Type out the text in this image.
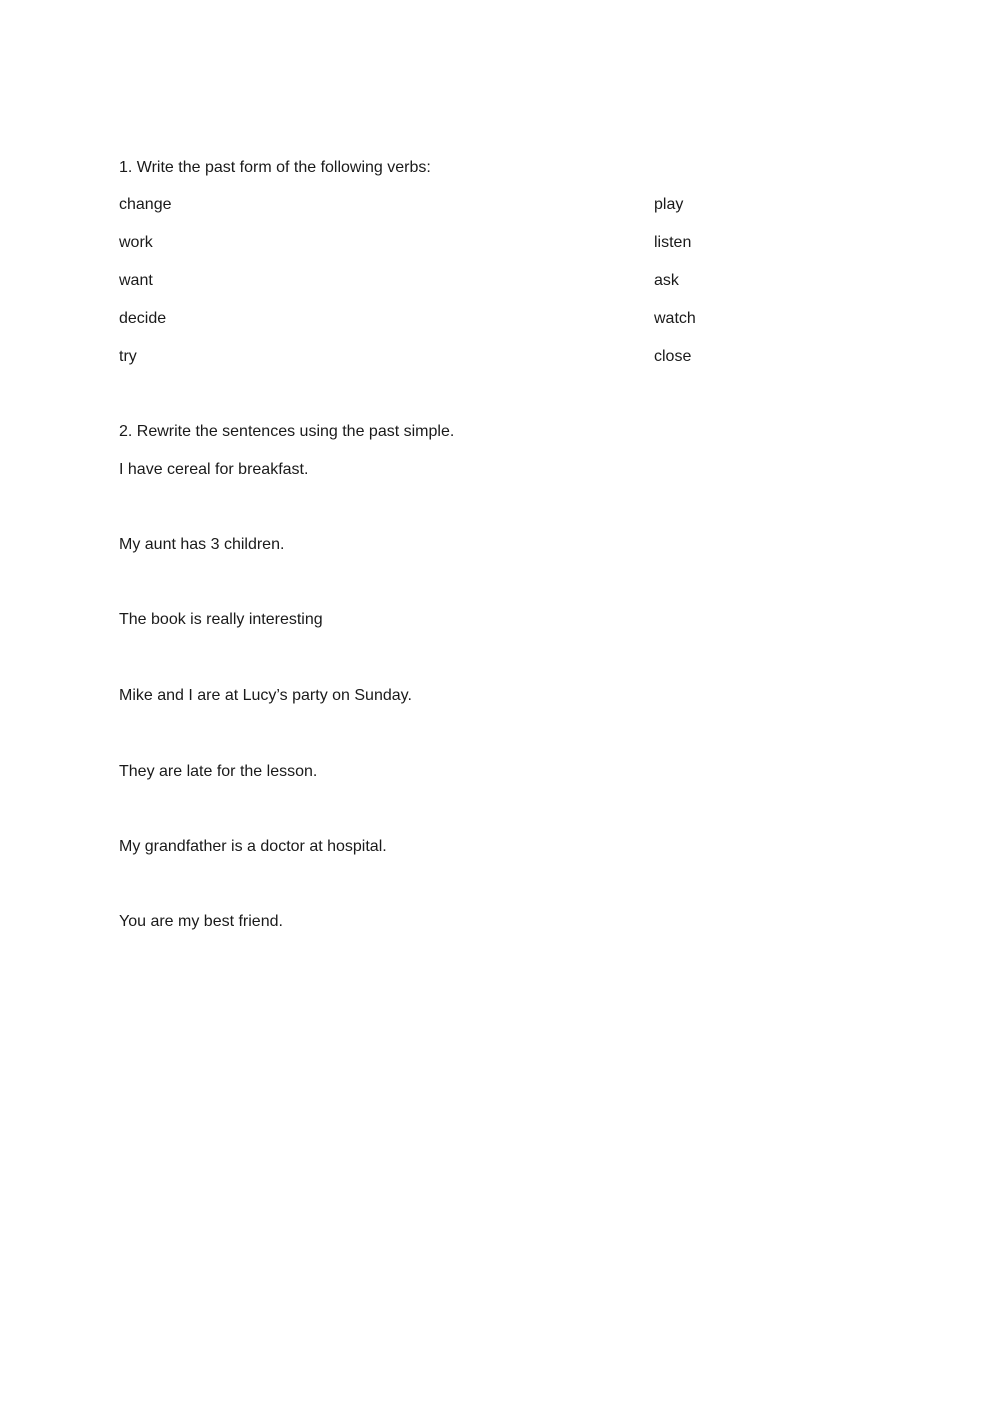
1. Write the past form of the following verbs:
change	play
work	listen
want	ask
decide	watch
try	close
2. Rewrite the sentences using the past simple.
I have cereal for breakfast.
My aunt has 3 children.
The book is really interesting
Mike and I are at Lucy’s party on Sunday.
They are late for the lesson.
My grandfather is a doctor at hospital.
You are my best friend.
